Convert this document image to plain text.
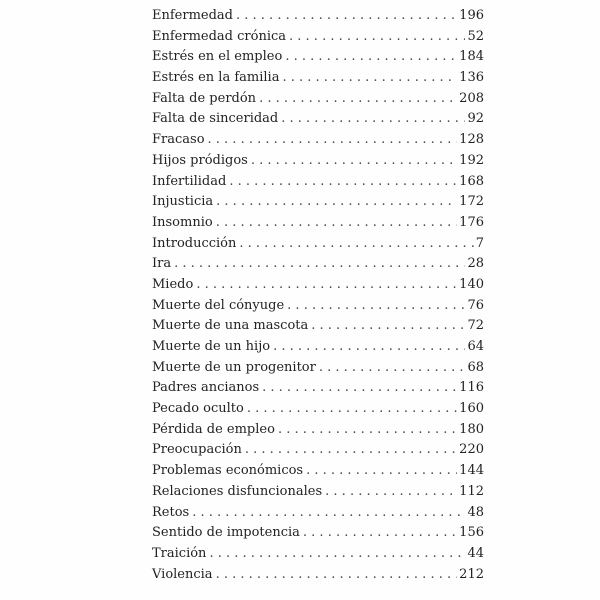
Enfermedad . . .	196
Enfermedad crónica . . .	52
Estrés en el empleo . . .	184
Estrés en la familia . . .	136
Falta de perdón . . .	208
Falta de sinceridad . . .	92
Fracaso . . .	128
Hijos pródigos . . .	192
Infertilidad . . .	168
Injusticia . . .	172
Insomnio . . .	176
Introducción . . .	7
Ira . . .	28
Miedo . . .	140
Muerte del cónyuge . . .	76
Muerte de una mascota . . .	72
Muerte de un hijo . . .	64
Muerte de un progenitor . . .	68
Padres ancianos . . .	116
Pecado oculto . . .	160
Pérdida de empleo . . .	180
Preocupación . . .	220
Problemas económicos . . .	144
Relaciones disfuncionales . . .	112
Retos . . .	48
Sentido de impotencia . . .	156
Traición . . .	44
Violencia . . .	212
